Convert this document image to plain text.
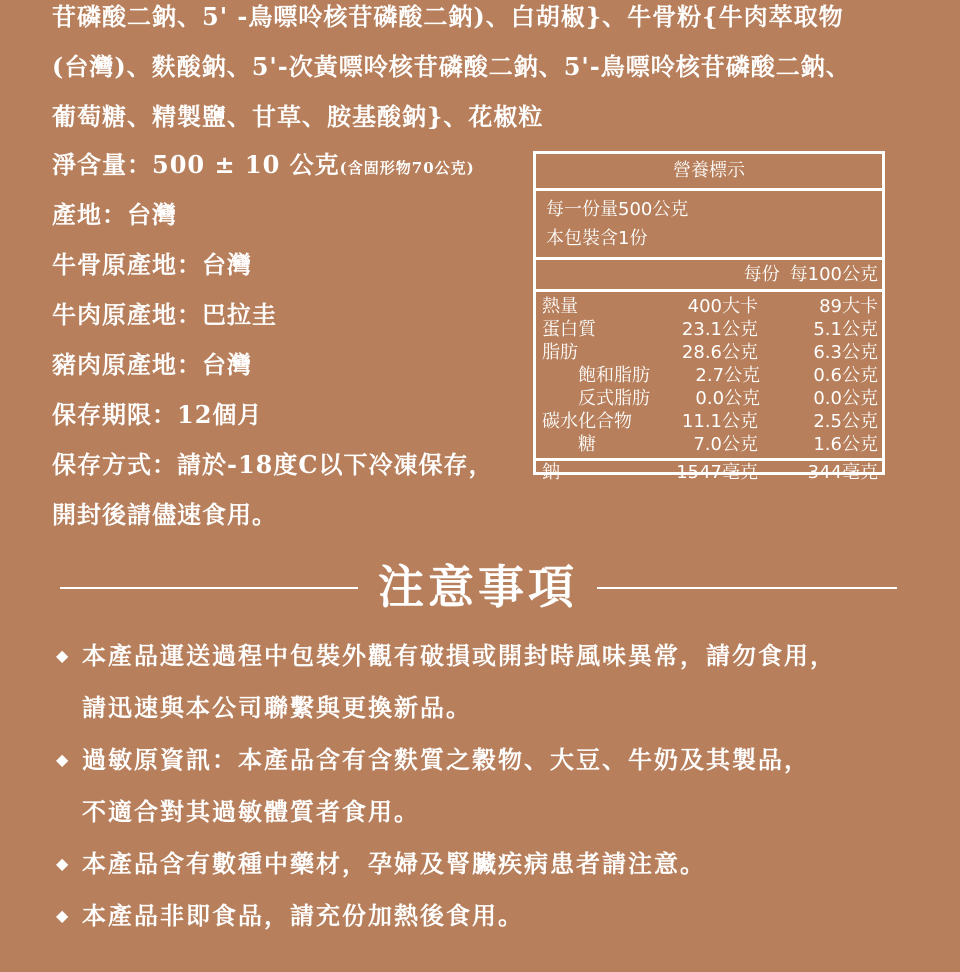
苷磷酸二鈉、5' -鳥嘌呤核苷磷酸二鈉)、白胡椒}、牛骨粉{牛肉萃取物

(台灣)、麩酸鈉、5'-次黃嘌呤核苷磷酸二鈉、5'-鳥嘌呤核苷磷酸二鈉、

葡萄糖、精製鹽、甘草、胺基酸鈉}、花椒粒

淨含量：500 ± 10 公克(含固形物70公克)
產地：台灣
牛骨原產地：台灣
牛肉原產地：巴拉圭
豬肉原產地：台灣
保存期限：12個月
保存方式：請於-18度C以下冷凍保存，
開封後請儘速食用。
營養標示
每一份量500公克
本包裝含1份
每份 每100公克
熱量	400大卡	89大卡
蛋白質	23.1公克	5.1公克
脂肪	28.6公克	6.3公克
飽和脂肪	2.7公克	0.6公克
反式脂肪	0.0公克	0.0公克
碳水化合物	11.1公克	2.5公克
糖	7.0公克	1.6公克
鈉	1547毫克	344毫克
注意事項
◆ 本產品運送過程中包裝外觀有破損或開封時風味異常，請勿食用，
請迅速與本公司聯繫與更換新品。
◆ 過敏原資訊：本產品含有含麩質之穀物、大豆、牛奶及其製品，
不適合對其過敏體質者食用。
◆ 本產品含有數種中藥材，孕婦及腎臟疾病患者請注意。
◆ 本產品非即食品，請充份加熱後食用。
